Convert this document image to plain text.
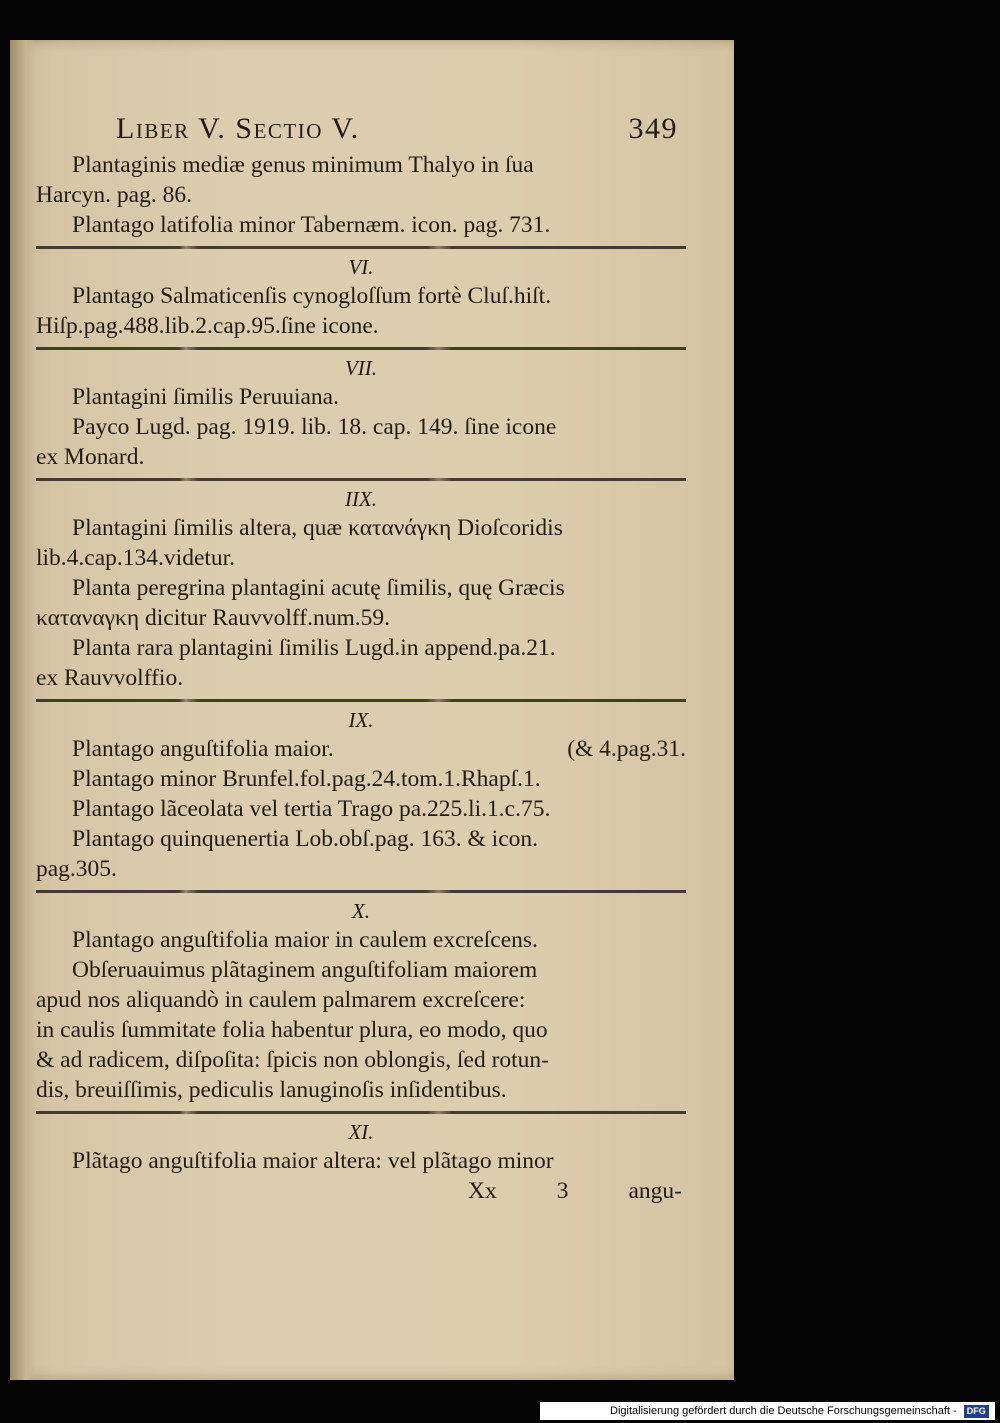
Liber V. Sectio V.	349
Plantaginis mediæ genus minimum Thalyo in ſua
Harcyn. pag. 86.
Plantago latifolia minor Tabernæm. icon. pag. 731.
VI.
Plantago Salmaticenſis cynogloſſum fortè Cluſ.hiſt.
Hiſp.pag.488.lib.2.cap.95.ſine icone.
VII.
Plantagini ſimilis Peruuiana.
Payco Lugd. pag. 1919. lib. 18. cap. 149. ſine icone
ex Monard.
IIX.
Plantagini ſimilis altera, quæ κατανάγκη Dioſcoridis
lib.4.cap.134.videtur.
Planta peregrina plantagini acutę ſimilis, quę Græcis
καταναγκη dicitur Rauvvolff.num.59.
Planta rara plantagini ſimilis Lugd.in append.pa.21.
ex Rauvvolffio.
IX.
Plantago anguſtifolia maior.	(& 4.pag.31.
Plantago minor Brunfel.fol.pag.24.tom.1.Rhapſ.1.
Plantago lãceolata vel tertia Trago pa.225.li.1.c.75.
Plantago quinquenertia Lob.obſ.pag. 163. & icon.
pag.305.
X.
Plantago anguſtifolia maior in caulem excreſcens.
Obſeruauimus plãtaginem anguſtifoliam maiorem
apud nos aliquandò in caulem palmarem excreſcere:
in caulis ſummitate folia habentur plura, eo modo, quo
& ad radicem, diſpoſita: ſpicis non oblongis, ſed rotun-
dis, breuiſſimis, pediculis lanuginoſis inſidentibus.
XI.
Plãtago anguſtifolia maior altera: vel plãtago minor
Xx	3	angu-
Digitalisierung gefördert durch die Deutsche Forschungsgemeinschaft - DFG
